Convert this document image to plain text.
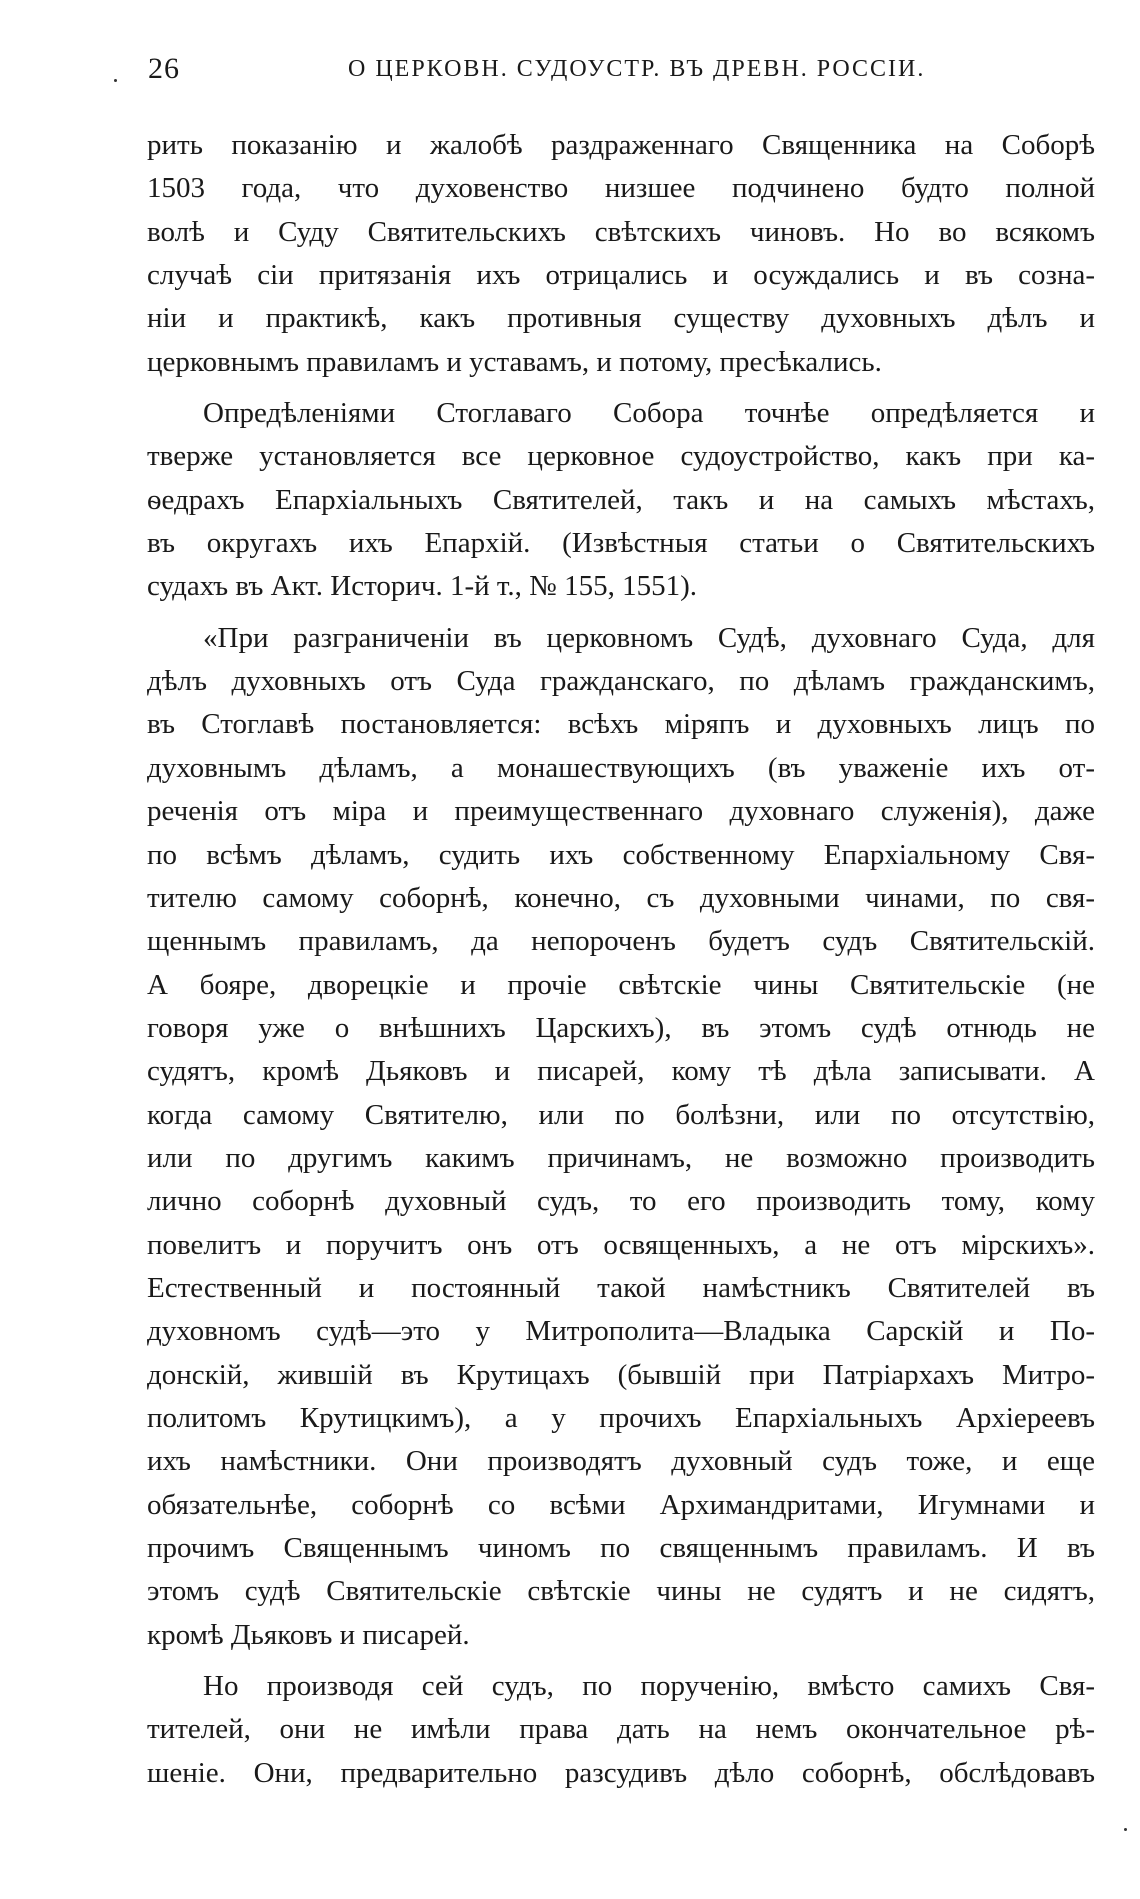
26	О ЦЕРКОВН. СУДОУСТР. ВЪ ДРЕВН. РОССІИ.
рить показанію и жалобѣ раздраженнаго Священника на Соборѣ
1503 года, что духовенство низшее подчинено будто полной
волѣ и Суду Святительскихъ свѣтскихъ чиновъ. Но во всякомъ
случаѣ сіи притязанія ихъ отрицались и осуждались и въ созна-
ніи и практикѣ, какъ противныя существу духовныхъ дѣлъ и
церковнымъ правиламъ и уставамъ, и потому, пресѣкались.
Опредѣленіями Стоглаваго Собора точнѣе опредѣляется и
тверже установляется все церковное судоустройство, какъ при ка-
ѳедрахъ Епархіальныхъ Святителей, такъ и на самыхъ мѣстахъ,
въ округахъ ихъ Епархій. (Извѣстныя статьи о Святительскихъ
судахъ въ Акт. Историч. 1-й т., № 155, 1551).
«При разграниченіи въ церковномъ Судѣ, духовнаго Суда, для
дѣлъ духовныхъ отъ Суда гражданскаго, по дѣламъ гражданскимъ,
въ Стоглавѣ постановляется: всѣхъ міряпъ и духовныхъ лицъ по
духовнымъ дѣламъ, а монашествующихъ (въ уваженіе ихъ от-
реченія отъ міра и преимущественнаго духовнаго служенія), даже
по всѣмъ дѣламъ, судить ихъ собственному Епархіальному Свя-
тителю самому соборнѣ, конечно, съ духовными чинами, по свя-
щеннымъ правиламъ, да непороченъ будетъ судъ Святительскій.
А бояре, дворецкіе и прочіе свѣтскіе чины Святительскіе (не
говоря уже о внѣшнихъ Царскихъ), въ этомъ судѣ отнюдь не
судятъ, кромѣ Дьяковъ и писарей, кому тѣ дѣла записывати. А
когда самому Святителю, или по болѣзни, или по отсутствію,
или по другимъ какимъ причинамъ, не возможно производить
лично соборнѣ духовный судъ, то его производить тому, кому
повелитъ и поручитъ онъ отъ освященныхъ, а не отъ мірскихъ».
Естественный и постоянный такой намѣстникъ Святителей въ
духовномъ судѣ—это у Митрополита—Владыка Сарскій и По-
донскій, жившій въ Крутицахъ (бывшій при Патріархахъ Митро-
политомъ Крутицкимъ), а у прочихъ Епархіальныхъ Архіереевъ
ихъ намѣстники. Они производятъ духовный судъ тоже, и еще
обязательнѣе, соборнѣ со всѣми Архимандритами, Игумнами и
прочимъ Священнымъ чиномъ по священнымъ правиламъ. И въ
этомъ судѣ Святительскіе свѣтскіе чины не судятъ и не сидятъ,
кромѣ Дьяковъ и писарей.
Но производя сей судъ, по порученію, вмѣсто самихъ Свя-
тителей, они не имѣли права дать на немъ окончательное рѣ-
шеніе. Они, предварительно разсудивъ дѣло соборнѣ, обслѣдовавъ
